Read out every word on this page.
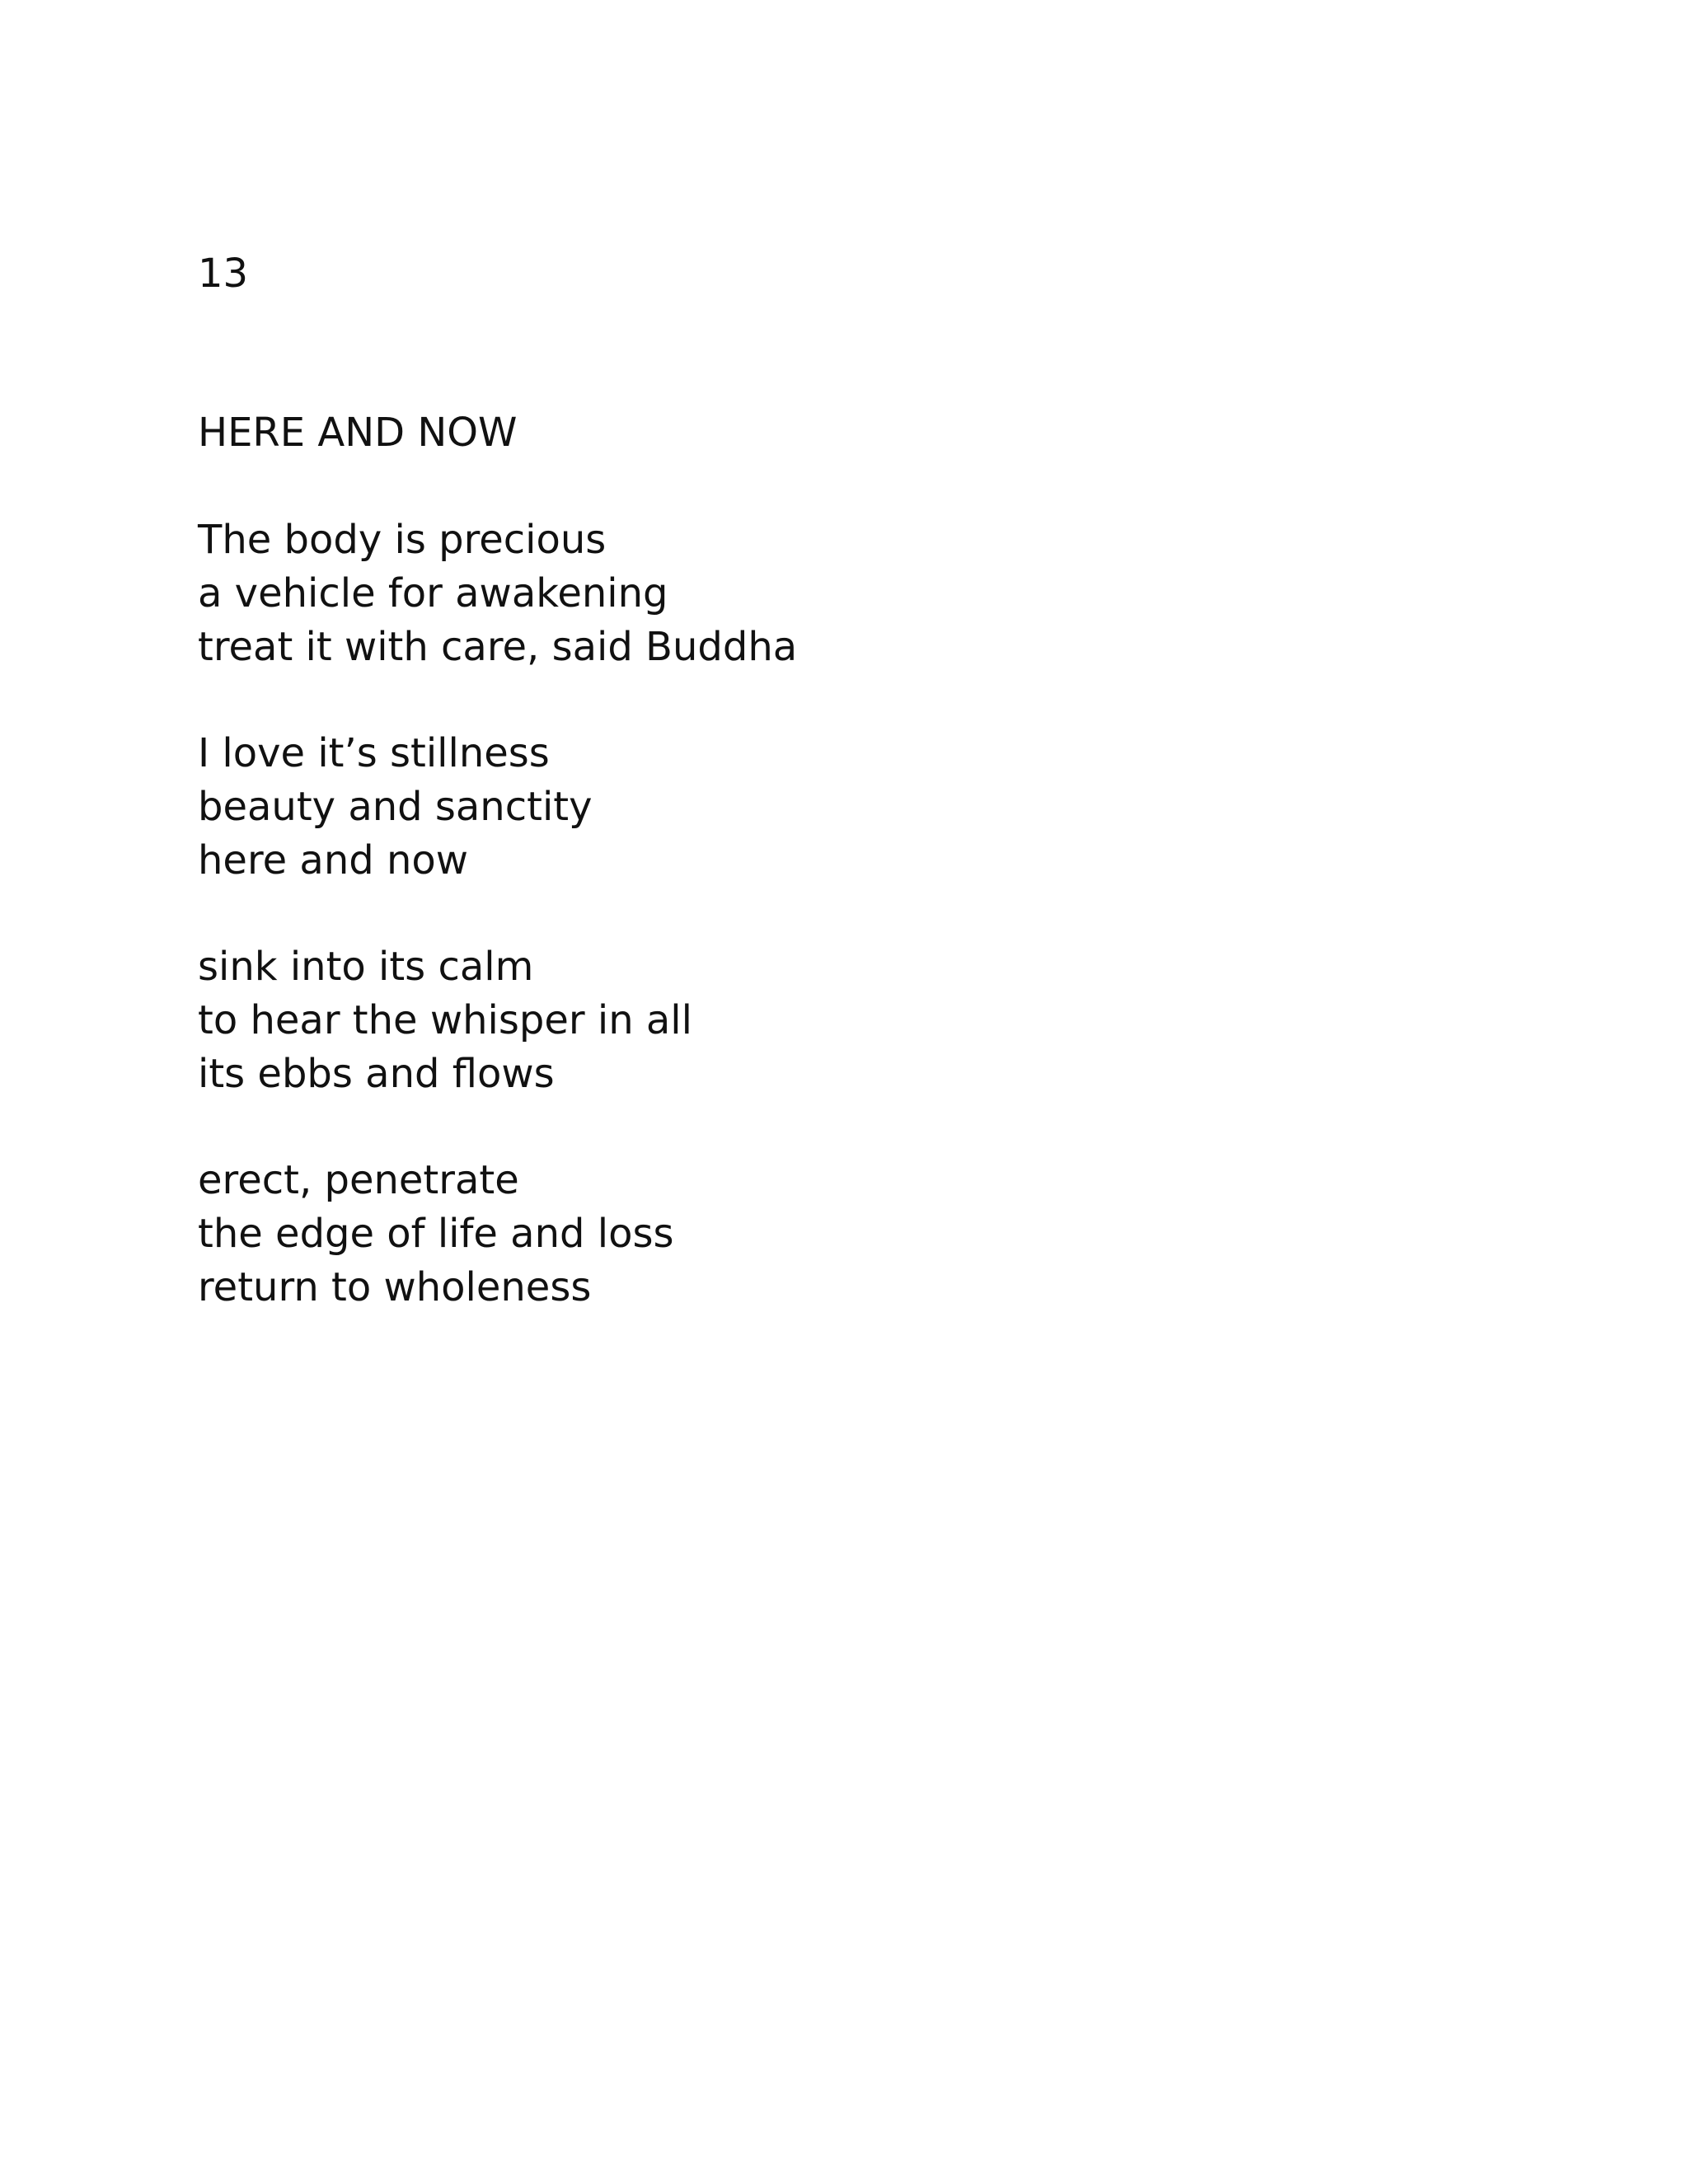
13
HERE AND NOW
The body is precious
a vehicle for awakening
treat it with care, said Buddha
I love it’s stillness
beauty and sanctity
here and now
sink into its calm
to hear the whisper in all
its ebbs and flows
erect, penetrate
the edge of life and loss
return to wholeness
